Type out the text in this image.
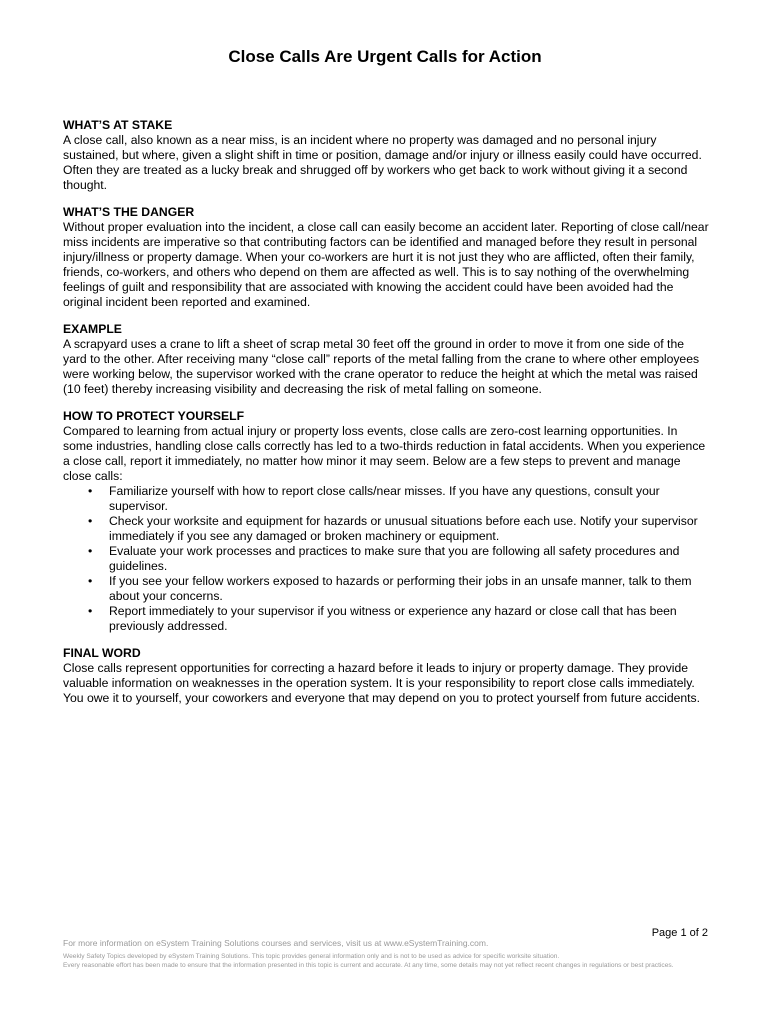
Close Calls Are Urgent Calls for Action

WHAT’S AT STAKE

A close call, also known as a near miss, is an incident where no property was damaged and no personal injury sustained, but where, given a slight shift in time or position, damage and/or injury or illness easily could have occurred. Often they are treated as a lucky break and shrugged off by workers who get back to work without giving it a second thought.

WHAT’S THE DANGER

Without proper evaluation into the incident, a close call can easily become an accident later. Reporting of close call/near miss incidents are imperative so that contributing factors can be identified and managed before they result in personal injury/illness or property damage. When your co-workers are hurt it is not just they who are afflicted, often their family, friends, co-workers, and others who depend on them are affected as well. This is to say nothing of the overwhelming feelings of guilt and responsibility that are associated with knowing the accident could have been avoided had the original incident been reported and examined.

EXAMPLE

A scrapyard uses a crane to lift a sheet of scrap metal 30 feet off the ground in order to move it from one side of the yard to the other. After receiving many “close call” reports of the metal falling from the crane to where other employees were working below, the supervisor worked with the crane operator to reduce the height at which the metal was raised (10 feet) thereby increasing visibility and decreasing the risk of metal falling on someone.

HOW TO PROTECT YOURSELF

Compared to learning from actual injury or property loss events, close calls are zero-cost learning opportunities. In some industries, handling close calls correctly has led to a two-thirds reduction in fatal accidents. When you experience a close call, report it immediately, no matter how minor it may seem. Below are a few steps to prevent and manage close calls:

• Familiarize yourself with how to report close calls/near misses. If you have any questions, consult your supervisor.
• Check your worksite and equipment for hazards or unusual situations before each use. Notify your supervisor immediately if you see any damaged or broken machinery or equipment.
• Evaluate your work processes and practices to make sure that you are following all safety procedures and guidelines.
• If you see your fellow workers exposed to hazards or performing their jobs in an unsafe manner, talk to them about your concerns.
• Report immediately to your supervisor if you witness or experience any hazard or close call that has been previously addressed.

FINAL WORD

Close calls represent opportunities for correcting a hazard before it leads to injury or property damage. They provide valuable information on weaknesses in the operation system. It is your responsibility to report close calls immediately. You owe it to yourself, your coworkers and everyone that may depend on you to protect yourself from future accidents.

Page 1 of 2
For more information on eSystem Training Solutions courses and services, visit us at www.eSystemTraining.com.
Weekly Safety Topics developed by eSystem Training Solutions. This topic provides general information only and is not to be used as advice for specific worksite situation.
Every reasonable effort has been made to ensure that the information presented in this topic is current and accurate. At any time, some details may not yet reflect recent changes in regulations or best practices.
